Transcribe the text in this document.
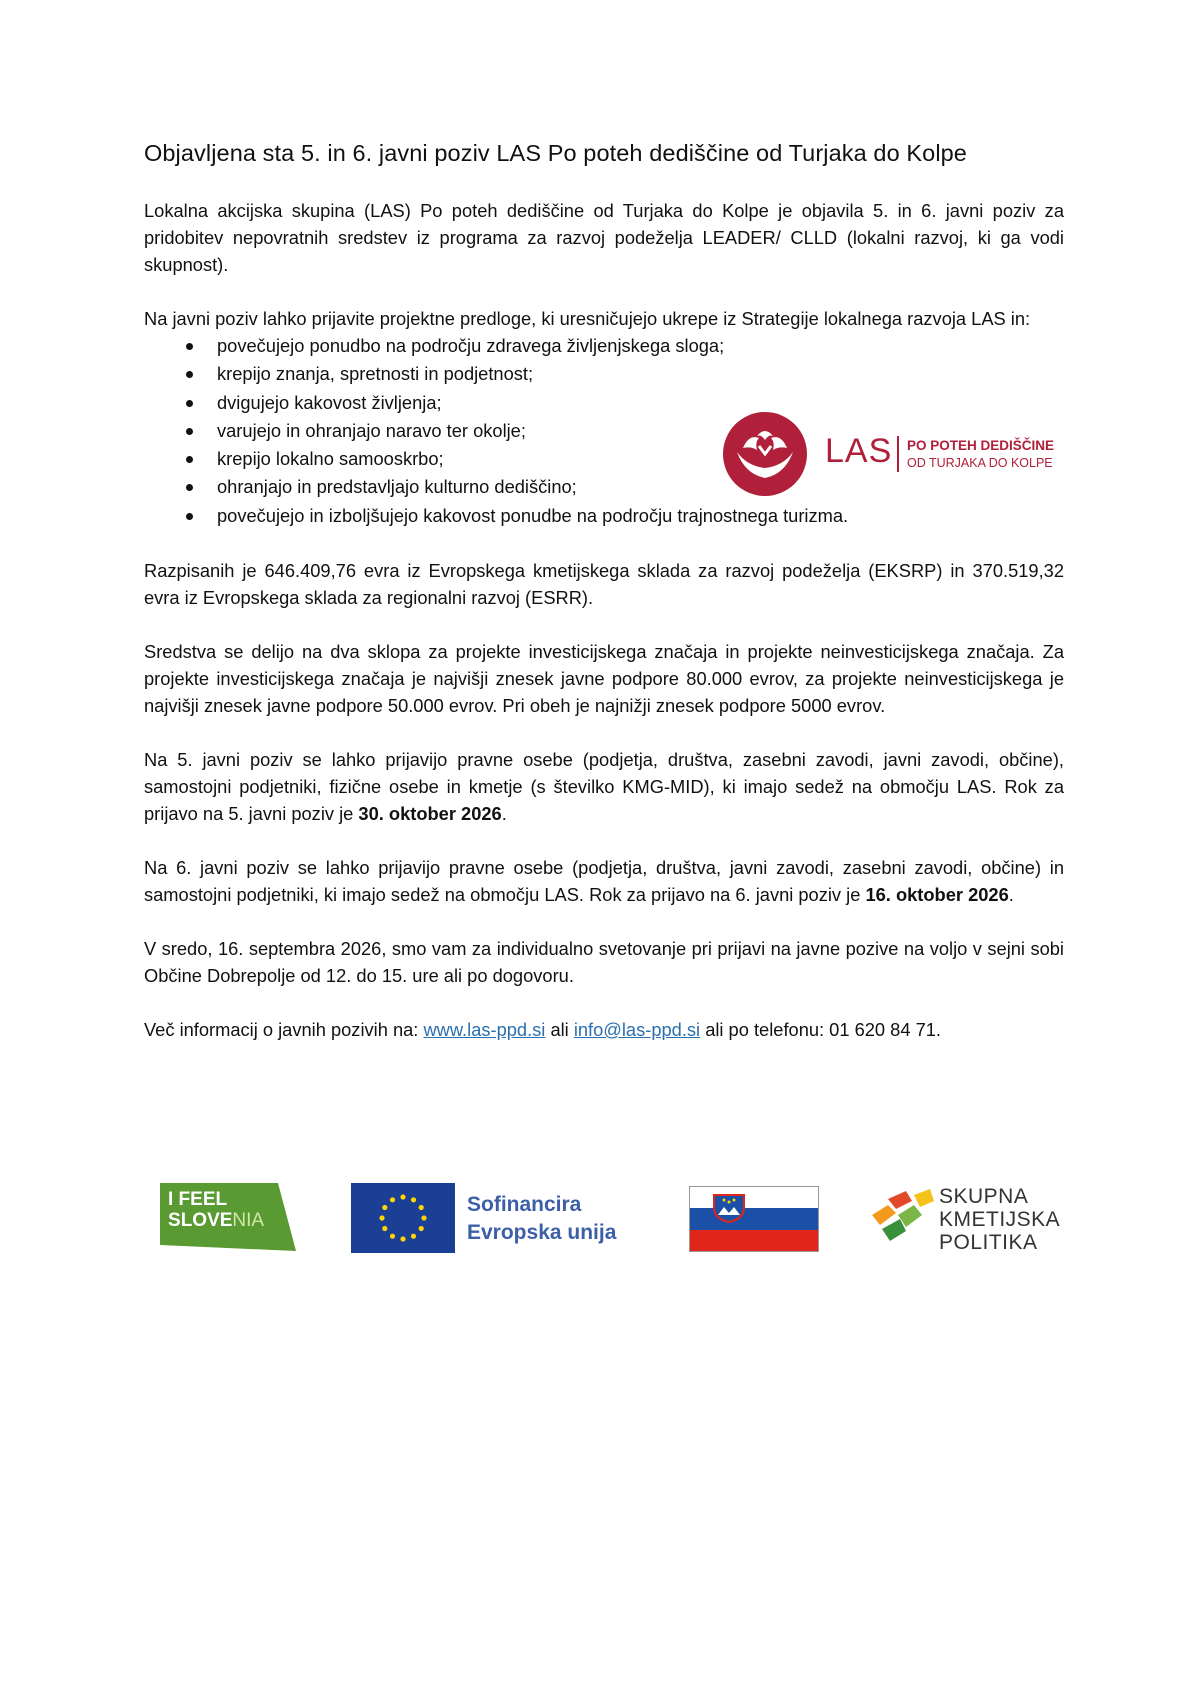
Objavljena sta 5. in 6. javni poziv LAS Po poteh dediščine od Turjaka do Kolpe

Lokalna akcijska skupina (LAS) Po poteh dediščine od Turjaka do Kolpe je objavila 5. in 6. javni poziv za pridobitev nepovratnih sredstev iz programa za razvoj podeželja LEADER/ CLLD (lokalni razvoj, ki ga vodi skupnost).

Na javni poziv lahko prijavite projektne predloge, ki uresničujejo ukrepe iz Strategije lokalnega razvoja LAS in:

povečujejo ponudbo na področju zdravega življenjskega sloga;
krepijo znanja, spretnosti in podjetnost;
dvigujejo kakovost življenja;
varujejo in ohranjajo naravo ter okolje;
krepijo lokalno samooskrbo;
ohranjajo in predstavljajo kulturno dediščino;
povečujejo in izboljšujejo kakovost ponudbe na področju trajnostnega turizma.

Razpisanih je 646.409,76 evra iz Evropskega kmetijskega sklada za razvoj podeželja (EKSRP) in 370.519,32 evra iz Evropskega sklada za regionalni razvoj (ESRR).

Sredstva se delijo na dva sklopa za projekte investicijskega značaja in projekte neinvesticijskega značaja. Za projekte investicijskega značaja je najvišji znesek javne podpore 80.000 evrov, za projekte neinvesticijskega je najvišji znesek javne podpore 50.000 evrov. Pri obeh je najnižji znesek podpore 5000 evrov.

Na 5. javni poziv se lahko prijavijo pravne osebe (podjetja, društva, zasebni zavodi, javni zavodi, občine), samostojni podjetniki, fizične osebe in kmetje (s številko KMG-MID), ki imajo sedež na območju LAS. Rok za prijavo na 5. javni poziv je 30. oktober 2026.

Na 6. javni poziv se lahko prijavijo pravne osebe (podjetja, društva, javni zavodi, zasebni zavodi, občine) in samostojni podjetniki, ki imajo sedež na območju LAS. Rok za prijavo na 6. javni poziv je 16. oktober 2026.

V sredo, 16. septembra 2026, smo vam za individualno svetovanje pri prijavi na javne pozive na voljo v sejni sobi Občine Dobrepolje od 12. do 15. ure ali po dogovoru.

Več informacij o javnih pozivih na: www.las-ppd.si ali info@las-ppd.si ali po telefonu: 01 620 84 71.

LAS PO POTEH DEDIŠČINE
OD TURJAKA DO KOLPE
I FEEL
SLOVENIA
Sofinancira
Evropska unija
SKUPNA
KMETIJSKA
POLITIKA
